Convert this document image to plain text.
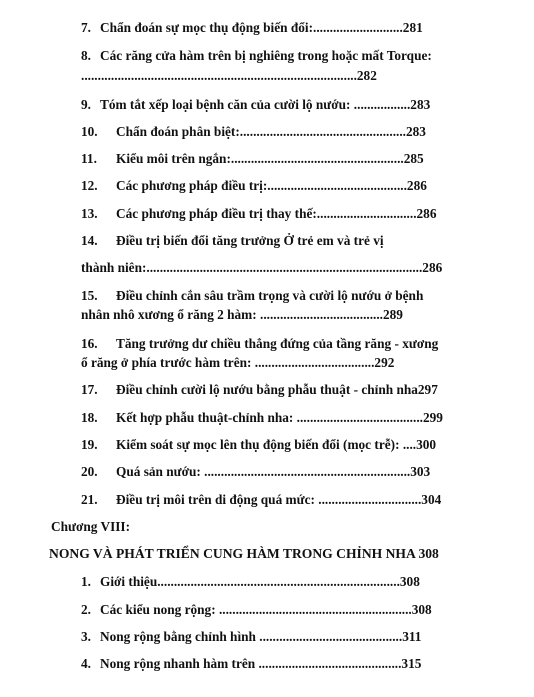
7. Chẩn đoán sự mọc thụ động biến đổi:...........................281
8. Các răng cửa hàm trên bị nghiêng trong hoặc mất Torque:
...................................................................................282
9. Tóm tắt xếp loại bệnh căn của cười lộ nướu: .................283
10. Chẩn đoán phân biệt:..................................................283
11. Kiểu môi trên ngắn:....................................................285
12. Các phương pháp điều trị:..........................................286
13. Các phương pháp điều trị thay thế:..............................286
14. Điều trị biến đổi tăng trưởng Ở trẻ em và trẻ vị
thành niên:...................................................................................286
15. Điều chỉnh cắn sâu trầm trọng và cười lộ nướu ở bệnh
nhân nhô xương ổ răng 2 hàm: .....................................289
16. Tăng trưởng dư chiều thẳng đứng của tầng răng - xương
ổ răng ở phía trước hàm trên: ....................................292
17. Điều chỉnh cười lộ nướu bằng phẫu thuật - chỉnh nha297
18. Kết hợp phẫu thuật-chỉnh nha: ......................................299
19. Kiểm soát sự mọc lên thụ động biến đổi (mọc trễ): ....300
20. Quá sản nướu: ..............................................................303
21. Điều trị môi trên di động quá mức: ...............................304
Chương VIII:
NONG VÀ PHÁT TRIỂN CUNG HÀM TRONG CHỈNH NHA 308
1. Giới thiệu.........................................................................308
2. Các kiểu nong rộng: ..........................................................308
3. Nong rộng bằng chỉnh hình ...........................................311
4. Nong rộng nhanh hàm trên ...........................................315
